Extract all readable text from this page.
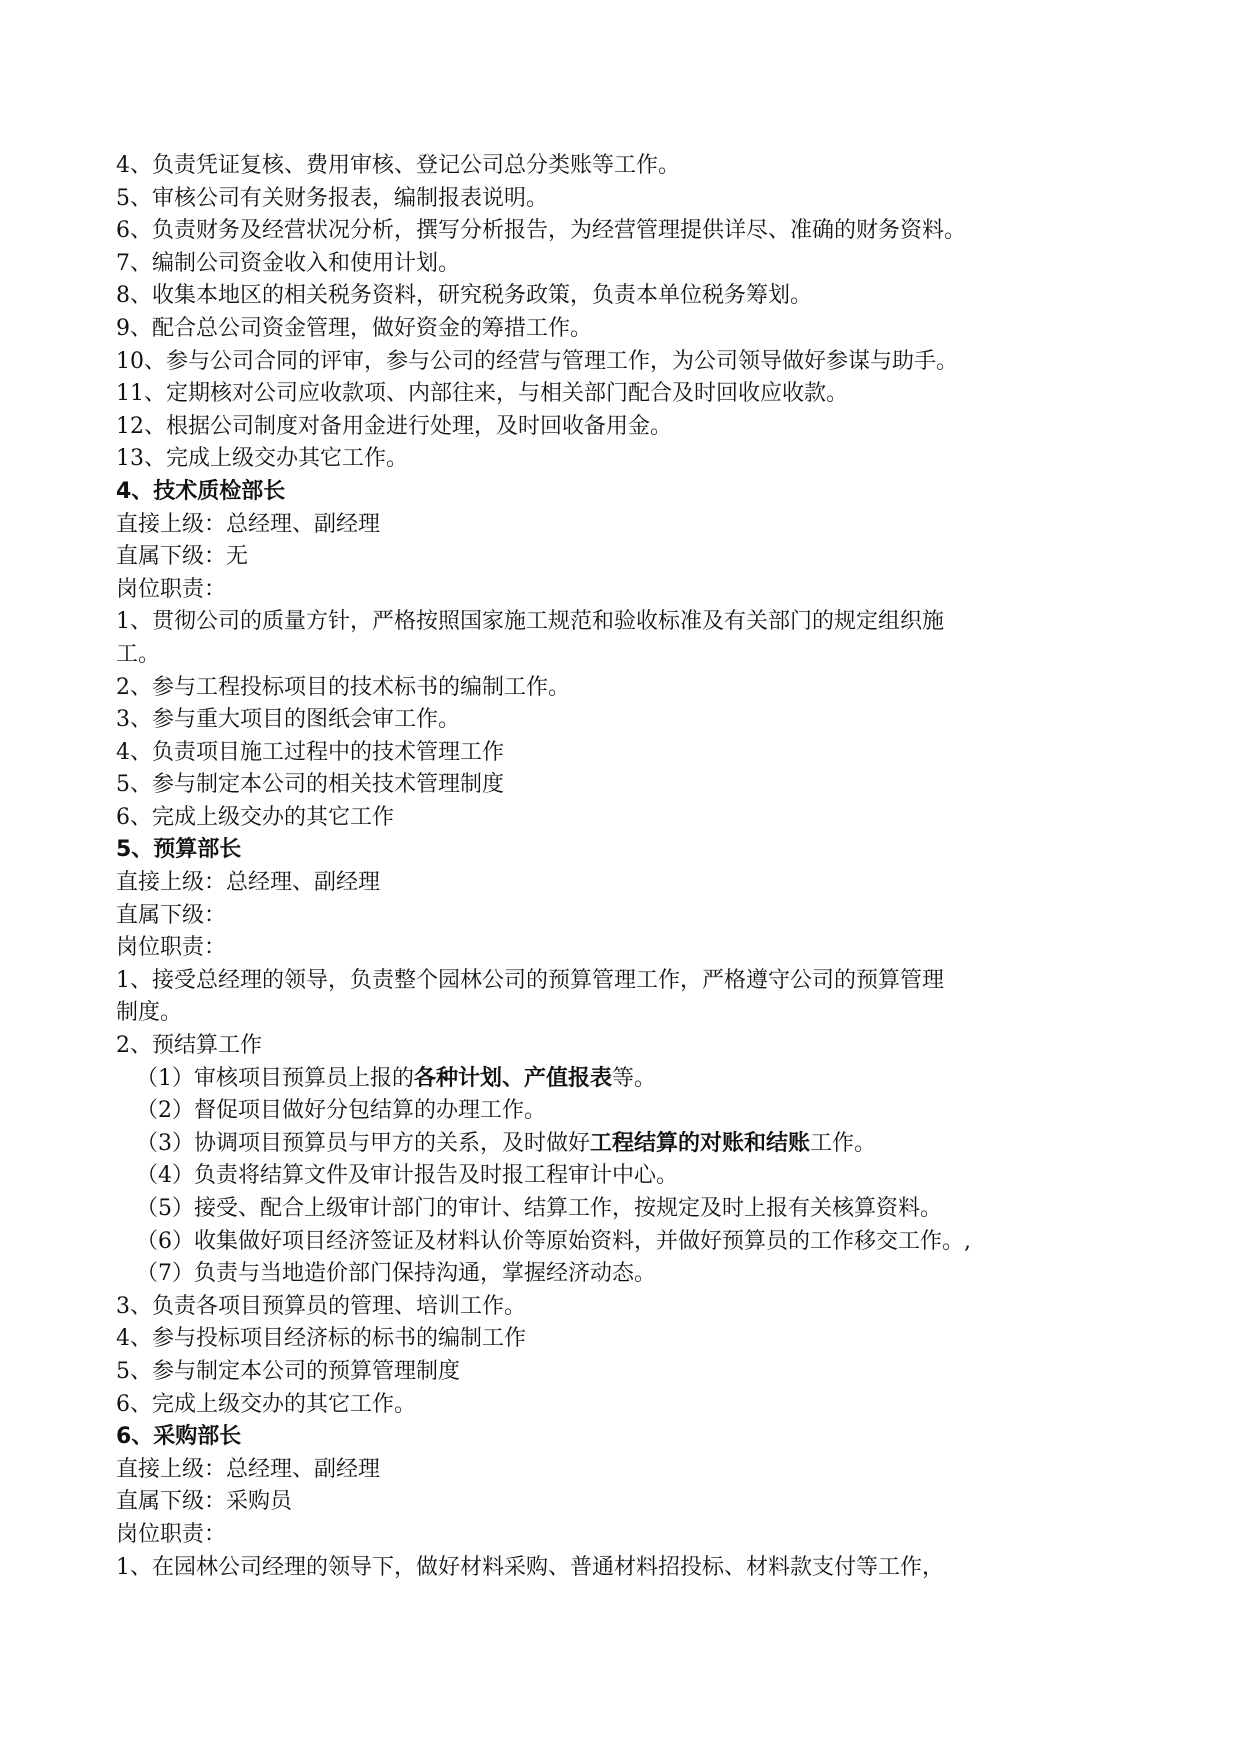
4、负责凭证复核、费用审核、登记公司总分类账等工作。

5、审核公司有关财务报表，编制报表说明。

6、负责财务及经营状况分析，撰写分析报告，为经营管理提供详尽、准确的财务资料。

7、编制公司资金收入和使用计划。

8、收集本地区的相关税务资料，研究税务政策，负责本单位税务筹划。

9、配合总公司资金管理，做好资金的筹措工作。

10、参与公司合同的评审，参与公司的经营与管理工作，为公司领导做好参谋与助手。

11、定期核对公司应收款项、内部往来，与相关部门配合及时回收应收款。

12、根据公司制度对备用金进行处理，及时回收备用金。

13、完成上级交办其它工作。

4、技术质检部长

直接上级：总经理、副经理

直属下级：无

岗位职责：

1、贯彻公司的质量方针，严格按照国家施工规范和验收标准及有关部门的规定组织施

工。

2、参与工程投标项目的技术标书的编制工作。

3、参与重大项目的图纸会审工作。

4、负责项目施工过程中的技术管理工作

5、参与制定本公司的相关技术管理制度

6、完成上级交办的其它工作

5、预算部长

直接上级：总经理、副经理

直属下级：

岗位职责：

1、接受总经理的领导，负责整个园林公司的预算管理工作，严格遵守公司的预算管理

制度。

2、预结算工作

（1）审核项目预算员上报的各种计划、产值报表等。

（2）督促项目做好分包结算的办理工作。

（3）协调项目预算员与甲方的关系，及时做好工程结算的对账和结账工作。

（4）负责将结算文件及审计报告及时报工程审计中心。

（5）接受、配合上级审计部门的审计、结算工作，按规定及时上报有关核算资料。

（6）收集做好项目经济签证及材料认价等原始资料，并做好预算员的工作移交工作。,

（7）负责与当地造价部门保持沟通，掌握经济动态。

3、负责各项目预算员的管理、培训工作。

4、参与投标项目经济标的标书的编制工作

5、参与制定本公司的预算管理制度

6、完成上级交办的其它工作。

6、采购部长

直接上级：总经理、副经理

直属下级：采购员

岗位职责：

1、在园林公司经理的领导下，做好材料采购、普通材料招投标、材料款支付等工作，
